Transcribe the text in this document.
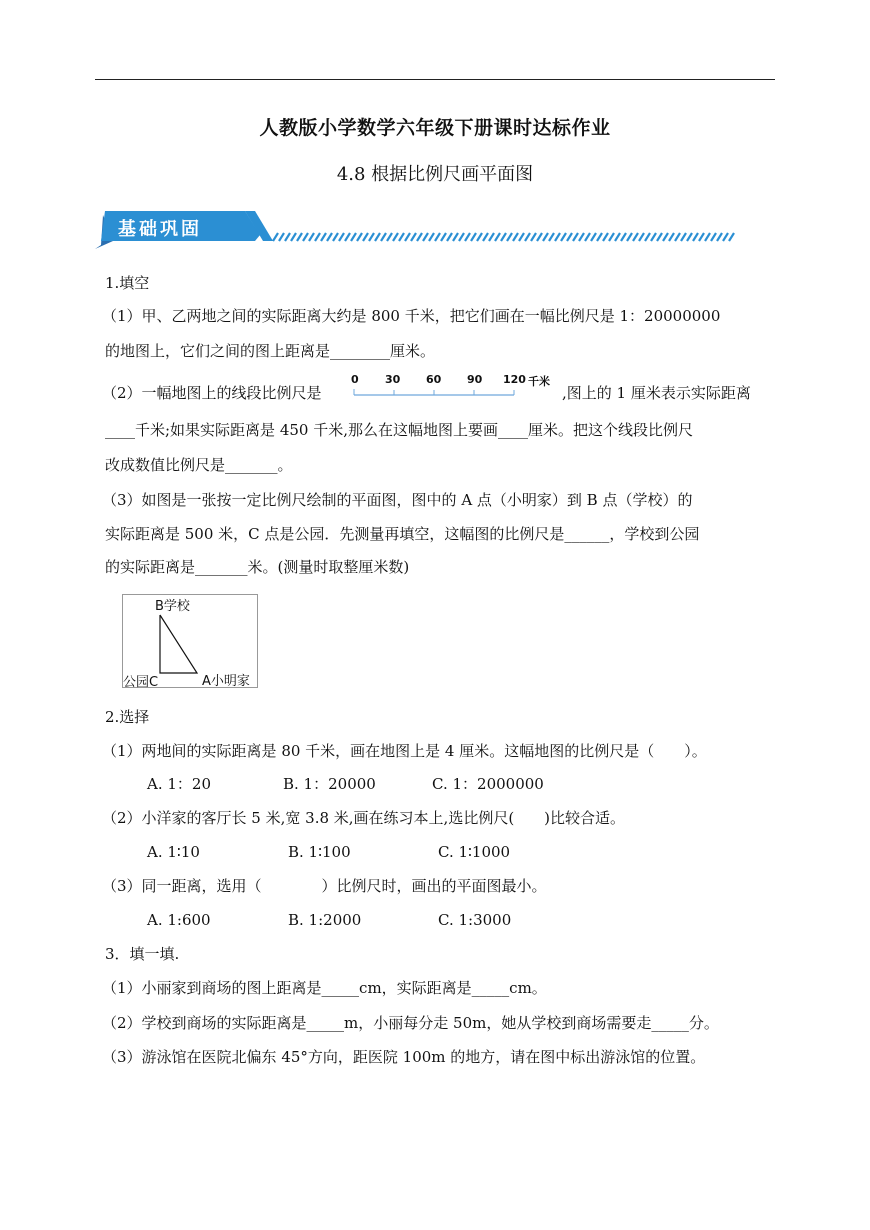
人教版小学数学六年级下册课时达标作业
4.8 根据比例尺画平面图
基础巩固
1.填空
（1）甲、乙两地之间的实际距离大约是 800 千米，把它们画在一幅比例尺是 1：20000000
的地图上，它们之间的图上距离是________厘米。
（2）一幅地图上的线段比例尺是
0 30 60 90 120 千米
,图上的 1 厘米表示实际距离
____千米;如果实际距离是 450 千米,那么在这幅地图上要画____厘米。把这个线段比例尺
改成数值比例尺是_______。
（3）如图是一张按一定比例尺绘制的平面图，图中的 A 点（小明家）到 B 点（学校）的
实际距离是 500 米，C 点是公园．先测量再填空，这幅图的比例尺是______，学校到公园
的实际距离是_______米。(测量时取整厘米数)
B学校
公园C	A小明家
2.选择
（1）两地间的实际距离是 80 千米，画在地图上是 4 厘米。这幅地图的比例尺是（　　）。
A. 1：20	B. 1：20000	C. 1：2000000
（2）小洋家的客厅长 5 米,宽 3.8 米,画在练习本上,选比例尺(　　)比较合适。
A. 1∶10	B. 1∶100	C. 1∶1000
（3）同一距离，选用（　　　　）比例尺时，画出的平面图最小。
A. 1:600	B. 1:2000	C. 1:3000
3．填一填.
（1）小丽家到商场的图上距离是_____cm，实际距离是_____cm。
（2）学校到商场的实际距离是_____m，小丽每分走 50m，她从学校到商场需要走_____分。
（3）游泳馆在医院北偏东 45°方向，距医院 100m 的地方，请在图中标出游泳馆的位置。
